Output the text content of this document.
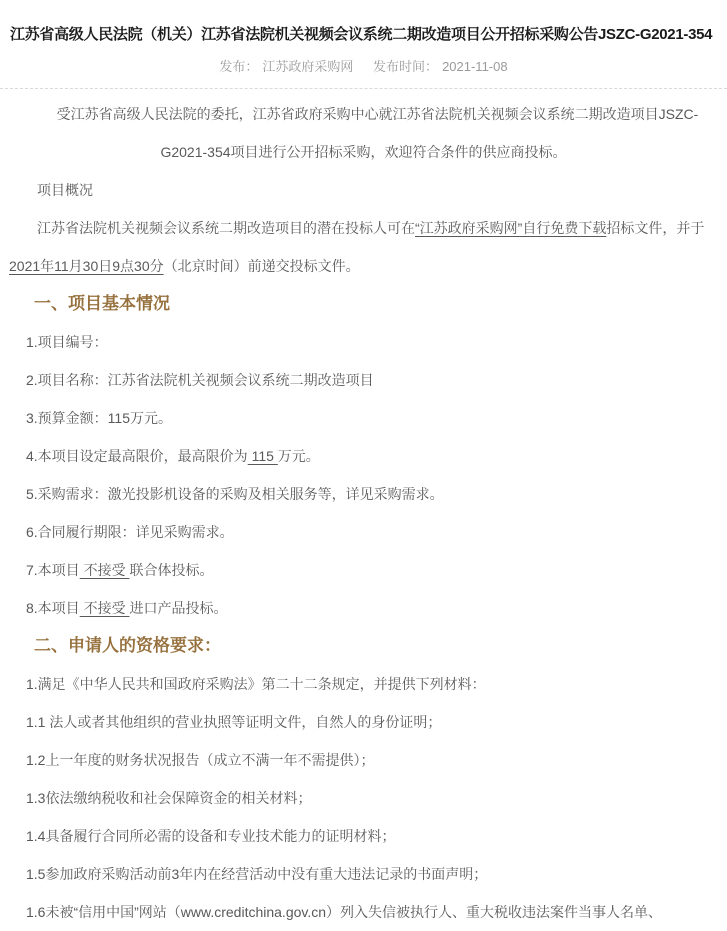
江苏省高级人民法院（机关）江苏省法院机关视频会议系统二期改造项目公开招标采购公告JSZC-G2021-354

发布： 江苏政府采购网 发布时间： 2021-11-08

受江苏省高级人民法院的委托，江苏省政府采购中心就江苏省法院机关视频会议系统二期改造项目JSZC-G2021-354项目进行公开招标采购，欢迎符合条件的供应商投标。

项目概况

江苏省法院机关视频会议系统二期改造项目的潜在投标人可在“江苏政府采购网”自行免费下载招标文件，并于2021年11月30日9点30分（北京时间）前递交投标文件。

一、项目基本情况

1.项目编号：

2.项目名称：江苏省法院机关视频会议系统二期改造项目

3.预算金额：115万元。

4.本项目设定最高限价，最高限价为 115 万元。

5.采购需求：激光投影机设备的采购及相关服务等，详见采购需求。

6.合同履行期限：详见采购需求。

7.本项目 不接受 联合体投标。

8.本项目 不接受 进口产品投标。

二、申请人的资格要求：

1.满足《中华人民共和国政府采购法》第二十二条规定，并提供下列材料：

1.1 法人或者其他组织的营业执照等证明文件，自然人的身份证明；

1.2上一年度的财务状况报告（成立不满一年不需提供）；

1.3依法缴纳税收和社会保障资金的相关材料；

1.4具备履行合同所必需的设备和专业技术能力的证明材料；

1.5参加政府采购活动前3年内在经营活动中没有重大违法记录的书面声明；

1.6未被“信用中国”网站（www.creditchina.gov.cn）列入失信被执行人、重大税收违法案件当事人名单、
